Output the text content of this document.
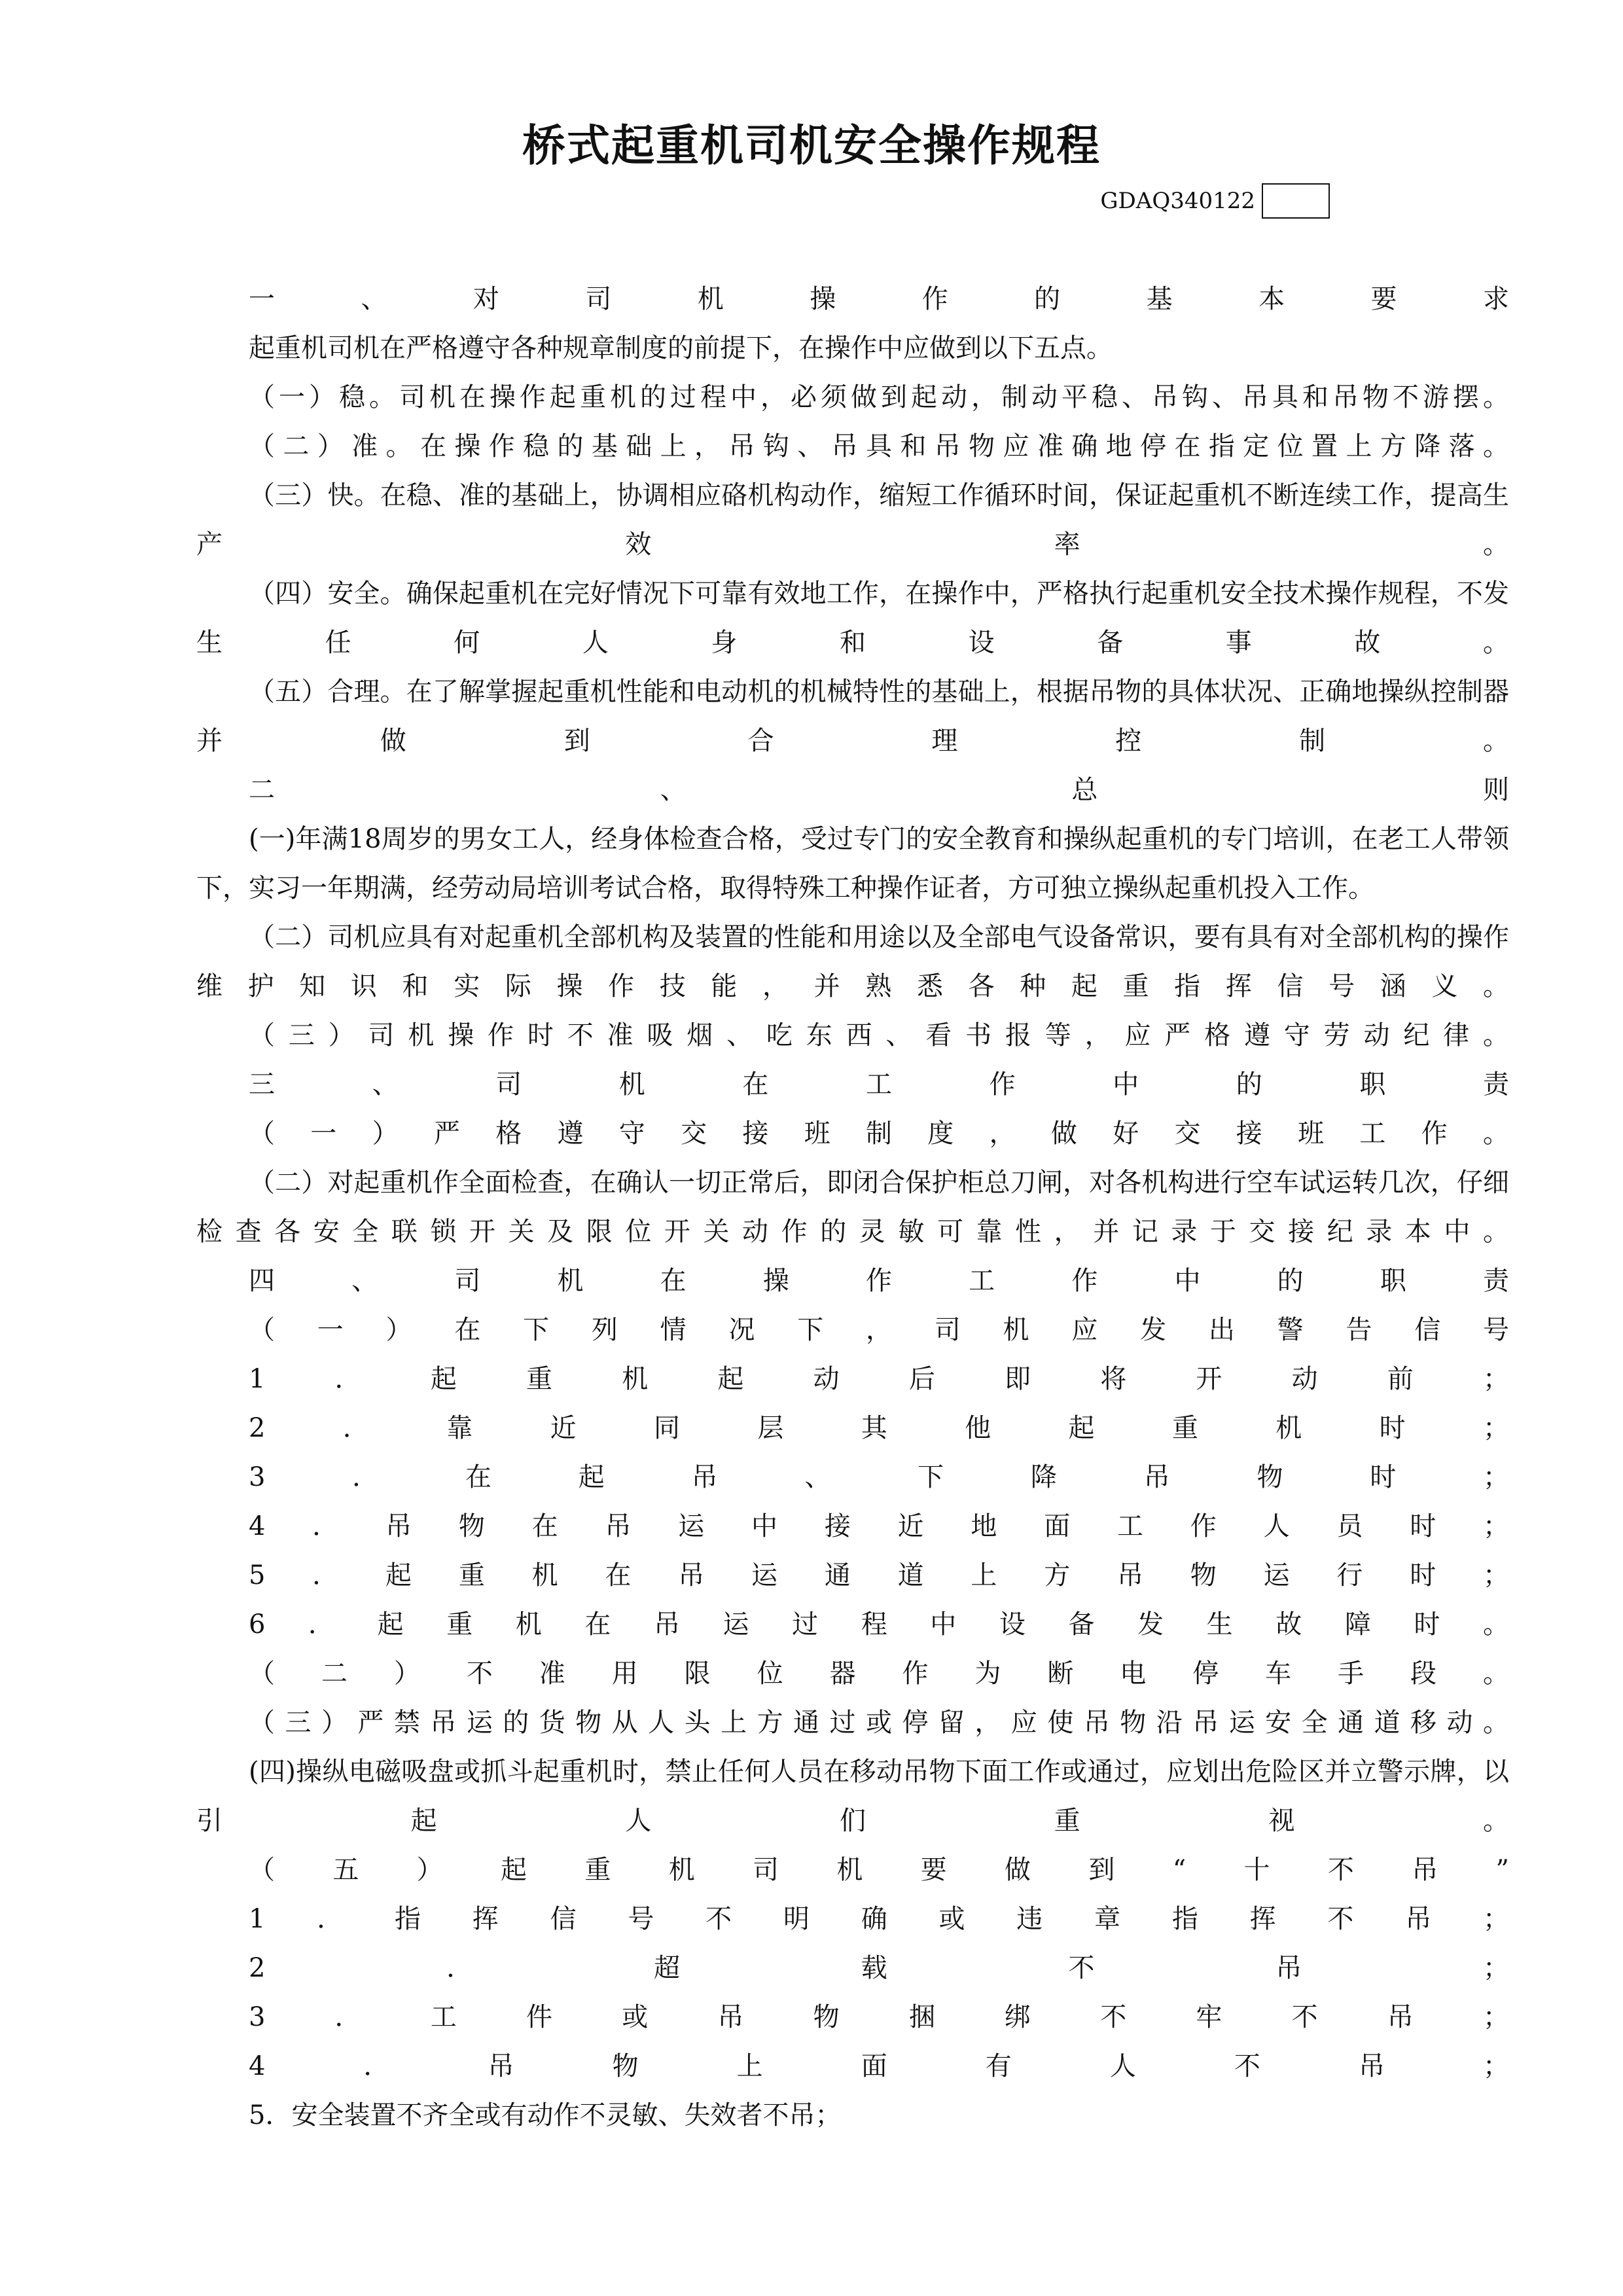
桥式起重机司机安全操作规程
GDAQ340122

一、对司机操作的基本要求

起重机司机在严格遵守各种规章制度的前提下，在操作中应做到以下五点。

（一）稳。司机在操作起重机的过程中，必须做到起动，制动平稳、吊钩、吊具和吊物不游摆。

（二）准。在操作稳的基础上，吊钩、吊具和吊物应准确地停在指定位置上方降落。

（三）快。在稳、准的基础上，协调相应硌机构动作，缩短工作循环时间，保证起重机不断连续工作，提高生产效率。

（四）安全。确保起重机在完好情况下可靠有效地工作，在操作中，严格执行起重机安全技术操作规程，不发生任何人身和设备事故。

（五）合理。在了解掌握起重机性能和电动机的机械特性的基础上，根据吊物的具体状况、正确地操纵控制器并做到合理控制。

二、总则

(一)年满18周岁的男女工人，经身体检查合格，受过专门的安全教育和操纵起重机的专门培训，在老工人带领下，实习一年期满，经劳动局培训考试合格，取得特殊工种操作证者，方可独立操纵起重机投入工作。

（二）司机应具有对起重机全部机构及装置的性能和用途以及全部电气设备常识，要有具有对全部机构的操作维护知识和实际操作技能，并熟悉各种起重指挥信号涵义。

（三）司机操作时不准吸烟、吃东西、看书报等，应严格遵守劳动纪律。

三、司机在工作中的职责

（一）严格遵守交接班制度，做好交接班工作。

（二）对起重机作全面检查，在确认一切正常后，即闭合保护柜总刀闸，对各机构进行空车试运转几次，仔细检查各安全联锁开关及限位开关动作的灵敏可靠性，并记录于交接纪录本中。

四、司机在操作工作中的职责

（一）在下列情况下，司机应发出警告信号

1．起重机起动后即将开动前；

2．靠近同层其他起重机时；

3．在起吊、下降吊物时；

4．吊物在吊运中接近地面工作人员时；

5．起重机在吊运通道上方吊物运行时；

6．起重机在吊运过程中设备发生故障时。

（二）不准用限位器作为断电停车手段。

（三）严禁吊运的货物从人头上方通过或停留，应使吊物沿吊运安全通道移动。

(四)操纵电磁吸盘或抓斗起重机时，禁止任何人员在移动吊物下面工作或通过，应划出危险区并立警示牌，以引起人们重视。

（五）起重机司机要做到“十不吊”

1．指挥信号不明确或违章指挥不吊；

2．超载不吊；

3．工件或吊物捆绑不牢不吊；

4．吊物上面有人不吊；

5．安全装置不齐全或有动作不灵敏、失效者不吊；
